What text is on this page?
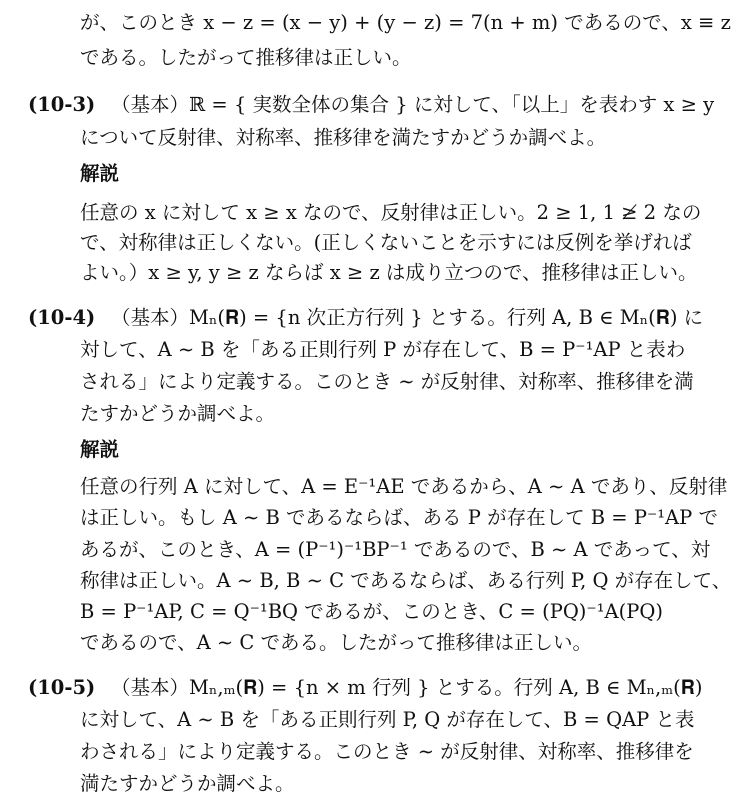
が、このとき x − z = (x − y) + (y − z) = 7(n + m) であるので、x ≡ z
である。したがって推移律は正しい。
(10-3) （基本）ℝ = { 実数全体の集合 } に対して、「以上」を表わす x ≥ y
について反射律、対称率、推移律を満たすかどうか調べよ。
解説
任意の x に対して x ≥ x なので、反射律は正しい。2 ≥ 1, 1 ≱ 2 なの
で、対称律は正しくない。(正しくないことを示すには反例を挙げれば
よい。）x ≥ y, y ≥ z ならば x ≥ z は成り立つので、推移律は正しい。
(10-4) （基本）Mₙ(𝐑) = {n 次正方行列 } とする。行列 A, B ∈ Mₙ(𝐑) に
対して、A ∼ B を「ある正則行列 P が存在して、B = P⁻¹AP と表わ
される」により定義する。このとき ∼ が反射律、対称率、推移律を満
たすかどうか調べよ。
解説
任意の行列 A に対して、A = E⁻¹AE であるから、A ∼ A であり、反射律
は正しい。もし A ∼ B であるならば、ある P が存在して B = P⁻¹AP で
あるが、このとき、A = (P⁻¹)⁻¹BP⁻¹ であるので、B ∼ A であって、対
称律は正しい。A ∼ B, B ∼ C であるならば、ある行列 P, Q が存在して、
B = P⁻¹AP, C = Q⁻¹BQ であるが、このとき、C = (PQ)⁻¹A(PQ)
であるので、A ∼ C である。したがって推移律は正しい。
(10-5) （基本）Mₙ,ₘ(𝐑) = {n × m 行列 } とする。行列 A, B ∈ Mₙ,ₘ(𝐑)
に対して、A ∼ B を「ある正則行列 P, Q が存在して、B = QAP と表
わされる」により定義する。このとき ∼ が反射律、対称率、推移律を
満たすかどうか調べよ。
